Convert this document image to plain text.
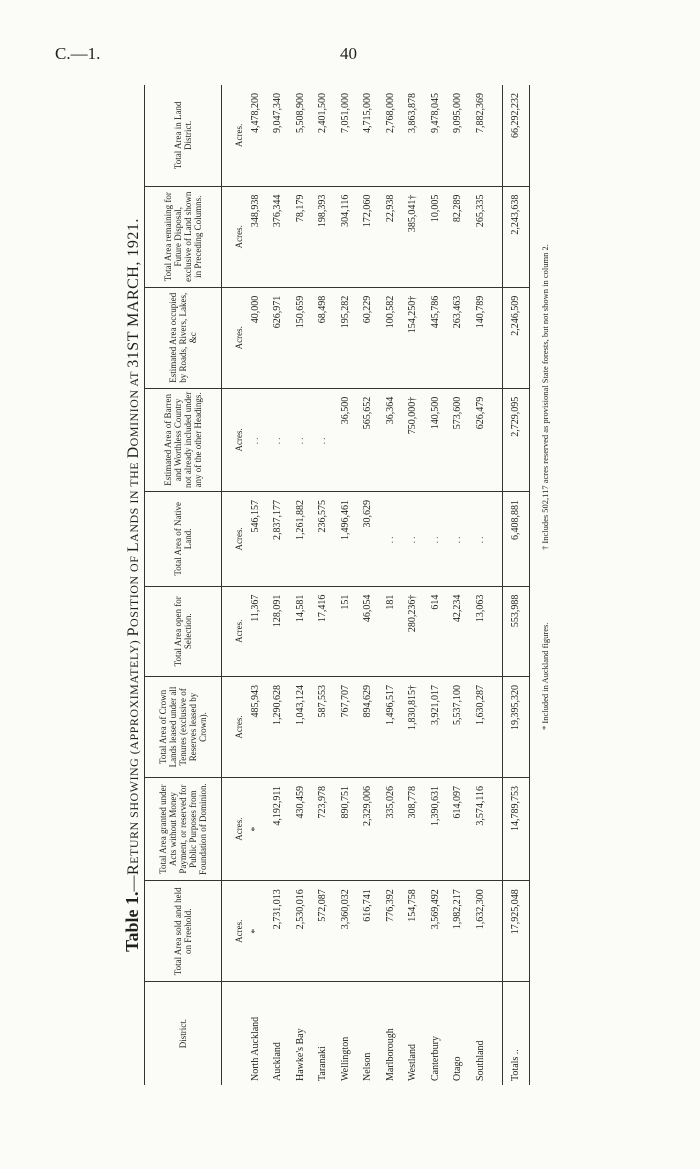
C.—1.	40
Table 1.—RETURN SHOWING (APPROXIMATELY) POSITION OF LANDS IN THE DOMINION AT 31ST MARCH, 1921.
District.	Total Area sold and held on Freehold.	Total Area granted under Acts without Money Payment, or reserved for Public Purposes from Foundation of Dominion.	Total Area of Crown Lands leased under all Tenures (exclusive of Reserves leased by Crown).	Total Area open for Selection.	Total Area of Native Land.	Estimated Area of Barren and Worthless Country not already included under any of the other Headings.	Estimated Area occupied by Roads, Rivers, Lakes, &c	Total Area remaining for Future Disposal, exclusive of Land shown in Preceding Columns.	Total Area in Land District.
	Acres.	Acres.	Acres.	Acres.	Acres.	Acres.	Acres.	Acres.	Acres.
North Auckland	*	*	485,943	11,367	546,157	..	40,000	348,938	4,478,200
Auckland	2,731,013	4,192,911	1,290,628	128,091	2,837,177	..	626,971	376,344	9,047,340
Hawke's Bay	2,530,016	430,459	1,043,124	14,581	1,261,882	..	150,659	78,179	5,508,900
Taranaki	572,087	723,978	587,553	17,416	236,575	..	68,498	198,393	2,401,500
Wellington	3,360,032	890,751	767,707	151	1,496,461	36,500	195,282	304,116	7,051,000
Nelson	616,741	2,329,006	894,629	46,054	30,629	565,652	60,229	172,060	4,715,000
Marlborough	776,392	335,026	1,496,517	181	..	36,364	100,582	22,938	2,768,000
Westland	154,758	308,778	1,830,815†	280,236†	..	750,000†	154,250†	385,041†	3,863,878
Canterbury	3,569,492	1,390,631	3,921,017	614	..	140,500	445,786	10,005	9,478,045
Otago	1,982,217	614,097	5,537,100	42,234	..	573,600	263,463	82,289	9,095,000
Southland	1,632,300	3,574,116	1,630,287	13,063	..	626,479	140,789	265,335	7,882,369

Totals ..	17,925,048	14,789,753	19,395,320	553,988	6,408,881	2,729,095	2,246,509	2,243,638	66,292,232
* Included in Auckland figures.
† Includes 502,117 acres reserved as provisional State forests, but not shown in column 2.
